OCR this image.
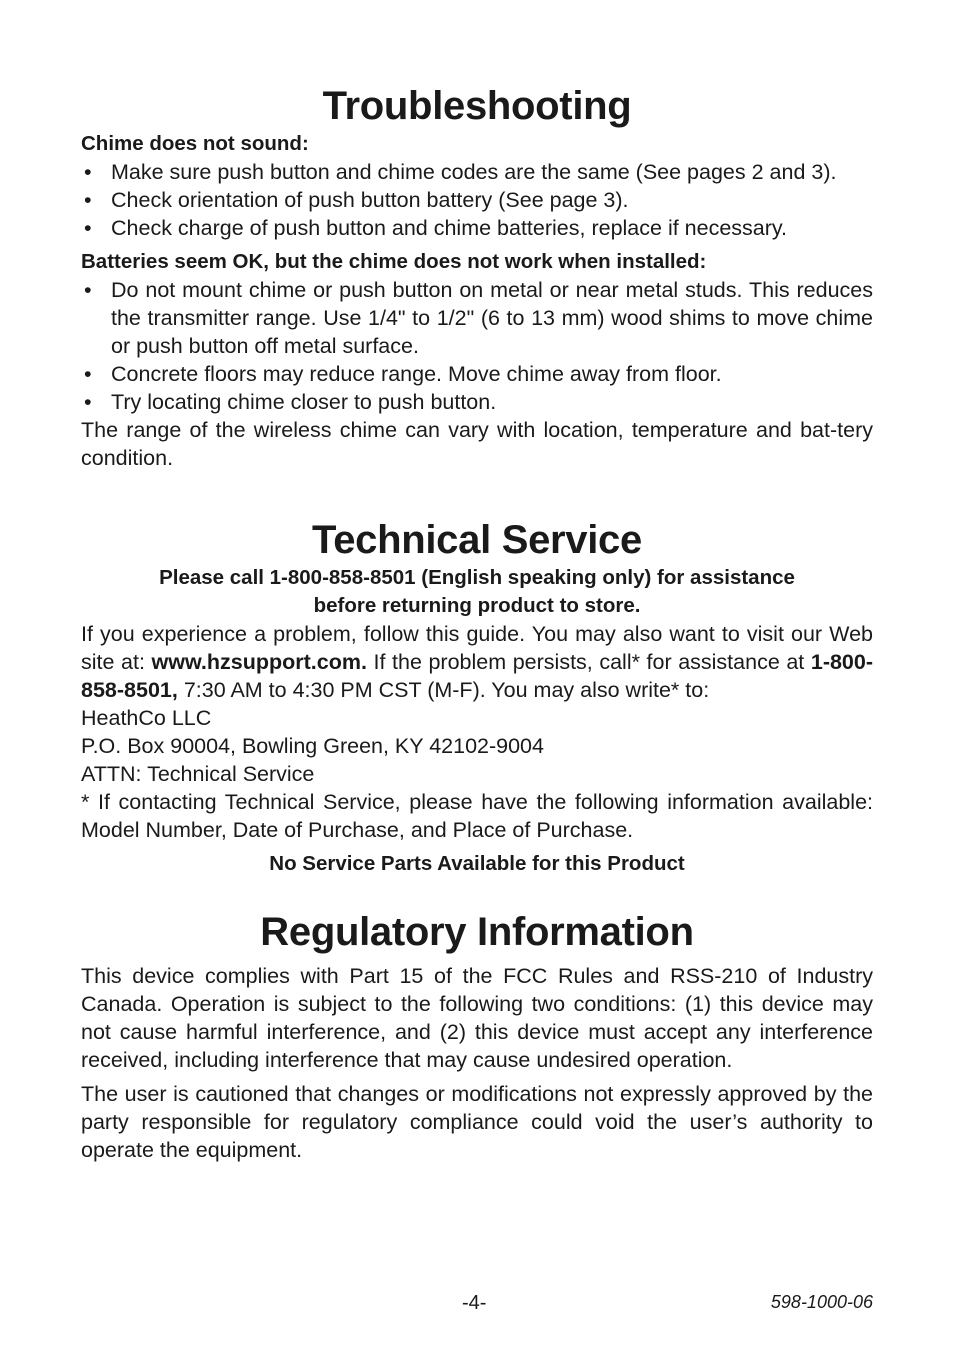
Troubleshooting

Chime does not sound:

• Make sure push button and chime codes are the same (See pages 2 and 3).
• Check orientation of push button battery (See page 3).
• Check charge of push button and chime batteries, replace if necessary.

Batteries seem OK, but the chime does not work when installed:

• Do not mount chime or push button on metal or near metal studs. This reduces the transmitter range. Use 1/4" to 1/2" (6 to 13 mm) wood shims to move chime or push button off metal surface.
• Concrete floors may reduce range. Move chime away from floor.
• Try locating chime closer to push button.

The range of the wireless chime can vary with location, temperature and bat-tery condition.

Technical Service

Please call 1-800-858-8501 (English speaking only) for assistance

before returning product to store.

If you experience a problem, follow this guide. You may also want to visit our Web site at: www.hzsupport.com. If the problem persists, call* for assistance at 1-800-858-8501, 7:30 AM to 4:30 PM CST (M-F). You may also write* to:

HeathCo LLC

P.O. Box 90004, Bowling Green, KY 42102-9004

ATTN: Technical Service

* If contacting Technical Service, please have the following information available: Model Number, Date of Purchase, and Place of Purchase.

No Service Parts Available for this Product

Regulatory Information

This device complies with Part 15 of the FCC Rules and RSS-210 of Industry Canada. Operation is subject to the following two conditions: (1) this device may not cause harmful interference, and (2) this device must accept any interference received, including interference that may cause undesired operation.

The user is cautioned that changes or modifications not expressly approved by the party responsible for regulatory compliance could void the user’s authority to operate the equipment.

-4-	598-1000-06
